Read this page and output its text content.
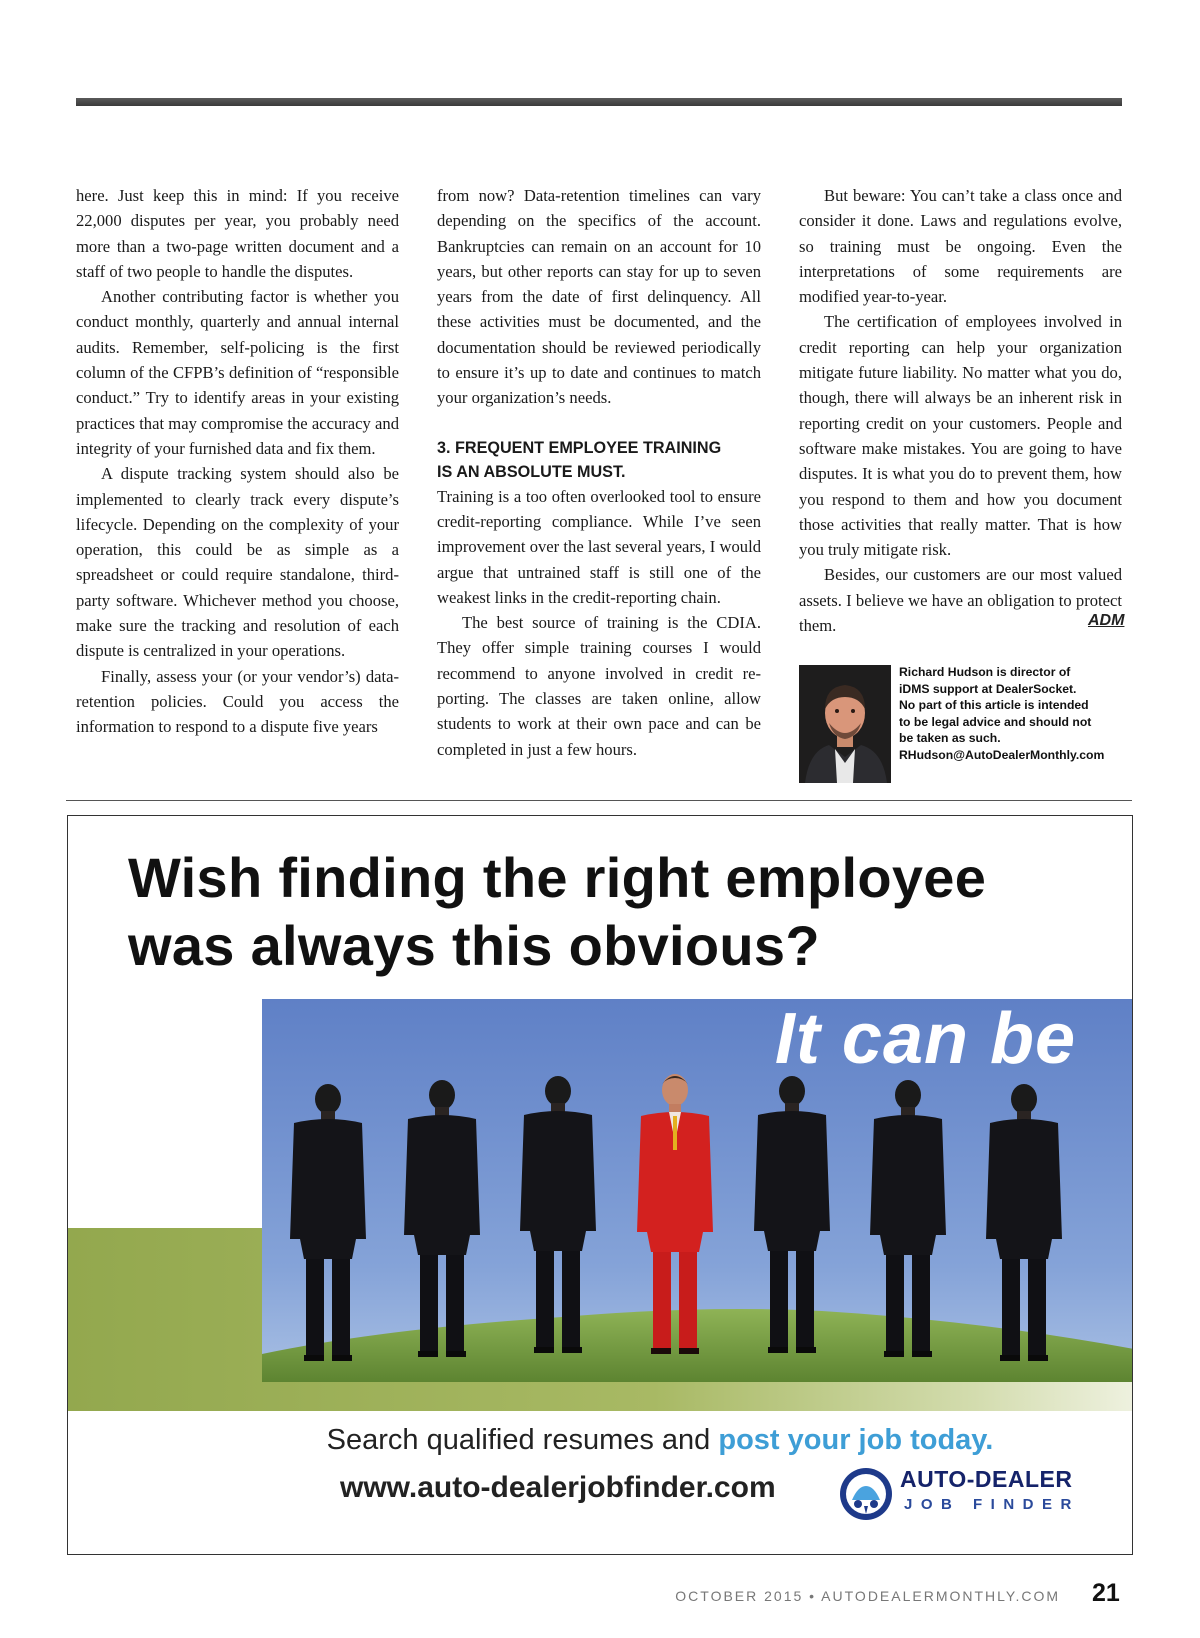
here. Just keep this in mind: If you receive 22,000 disputes per year, you probably need more than a two-page written document and a staff of two people to handle the disputes.

Another contributing factor is whether you conduct monthly, quarterly and annual internal audits. Remember, self-policing is the first column of the CFPB’s definition of “responsible conduct.” Try to identify areas in your existing practices that may compromise the accuracy and integrity of your furnished data and fix them.

A dispute tracking system should also be implemented to clearly track every dispute’s lifecycle. Depending on the complexity of your operation, this could be as simple as a spreadsheet or could require standalone, third-party software. Whichever method you choose, make sure the tracking and resolution of each dispute is centralized in your operations.

Finally, assess your (or your vendor’s) data-retention policies. Could you access the information to respond to a dispute five years

from now? Data-retention timelines can vary depending on the specifics of the account. Bankruptcies can remain on an account for 10 years, but other reports can stay for up to seven years from the date of first delinquency. All these activities must be documented, and the documentation should be reviewed periodically to ensure it’s up to date and continues to match your organization’s needs.

3. FREQUENT EMPLOYEE TRAINING
IS AN ABSOLUTE MUST.

Training is a too often overlooked tool to ensure credit-reporting compliance. While I’ve seen improvement over the last several years, I would argue that untrained staff is still one of the weakest links in the credit-reporting chain.

The best source of training is the CDIA. They offer simple training courses I would recommend to anyone involved in credit reporting. The classes are taken online, allow students to work at their own pace and can be completed in just a few hours.

But beware: You can’t take a class once and consider it done. Laws and regulations evolve, so training must be ongoing. Even the interpretations of some requirements are modified year-to-year.

The certification of employees involved in credit reporting can help your organization mitigate future liability. No matter what you do, though, there will always be an inherent risk in reporting credit on your customers. People and software make mistakes. You are going to have disputes. It is what you do to prevent them, how you respond to them and how you document those activities that really matter. That is how you truly mitigate risk.

Besides, our customers are our most valued assets. I believe we have an obligation to protect them.	ADM
Richard Hudson is director of
iDMS support at DealerSocket.
No part of this article is intended
to be legal advice and should not
be taken as such.
RHudson@AutoDealerMonthly.com
Wish finding the right employee
was always this obvious?
It can be
Search qualified resumes and post your job today.
www.auto-dealerjobfinder.com	AUTO-DEALER
JOB FINDER
OCTOBER 2015 • AUTODEALERMONTHLY.COM 21
